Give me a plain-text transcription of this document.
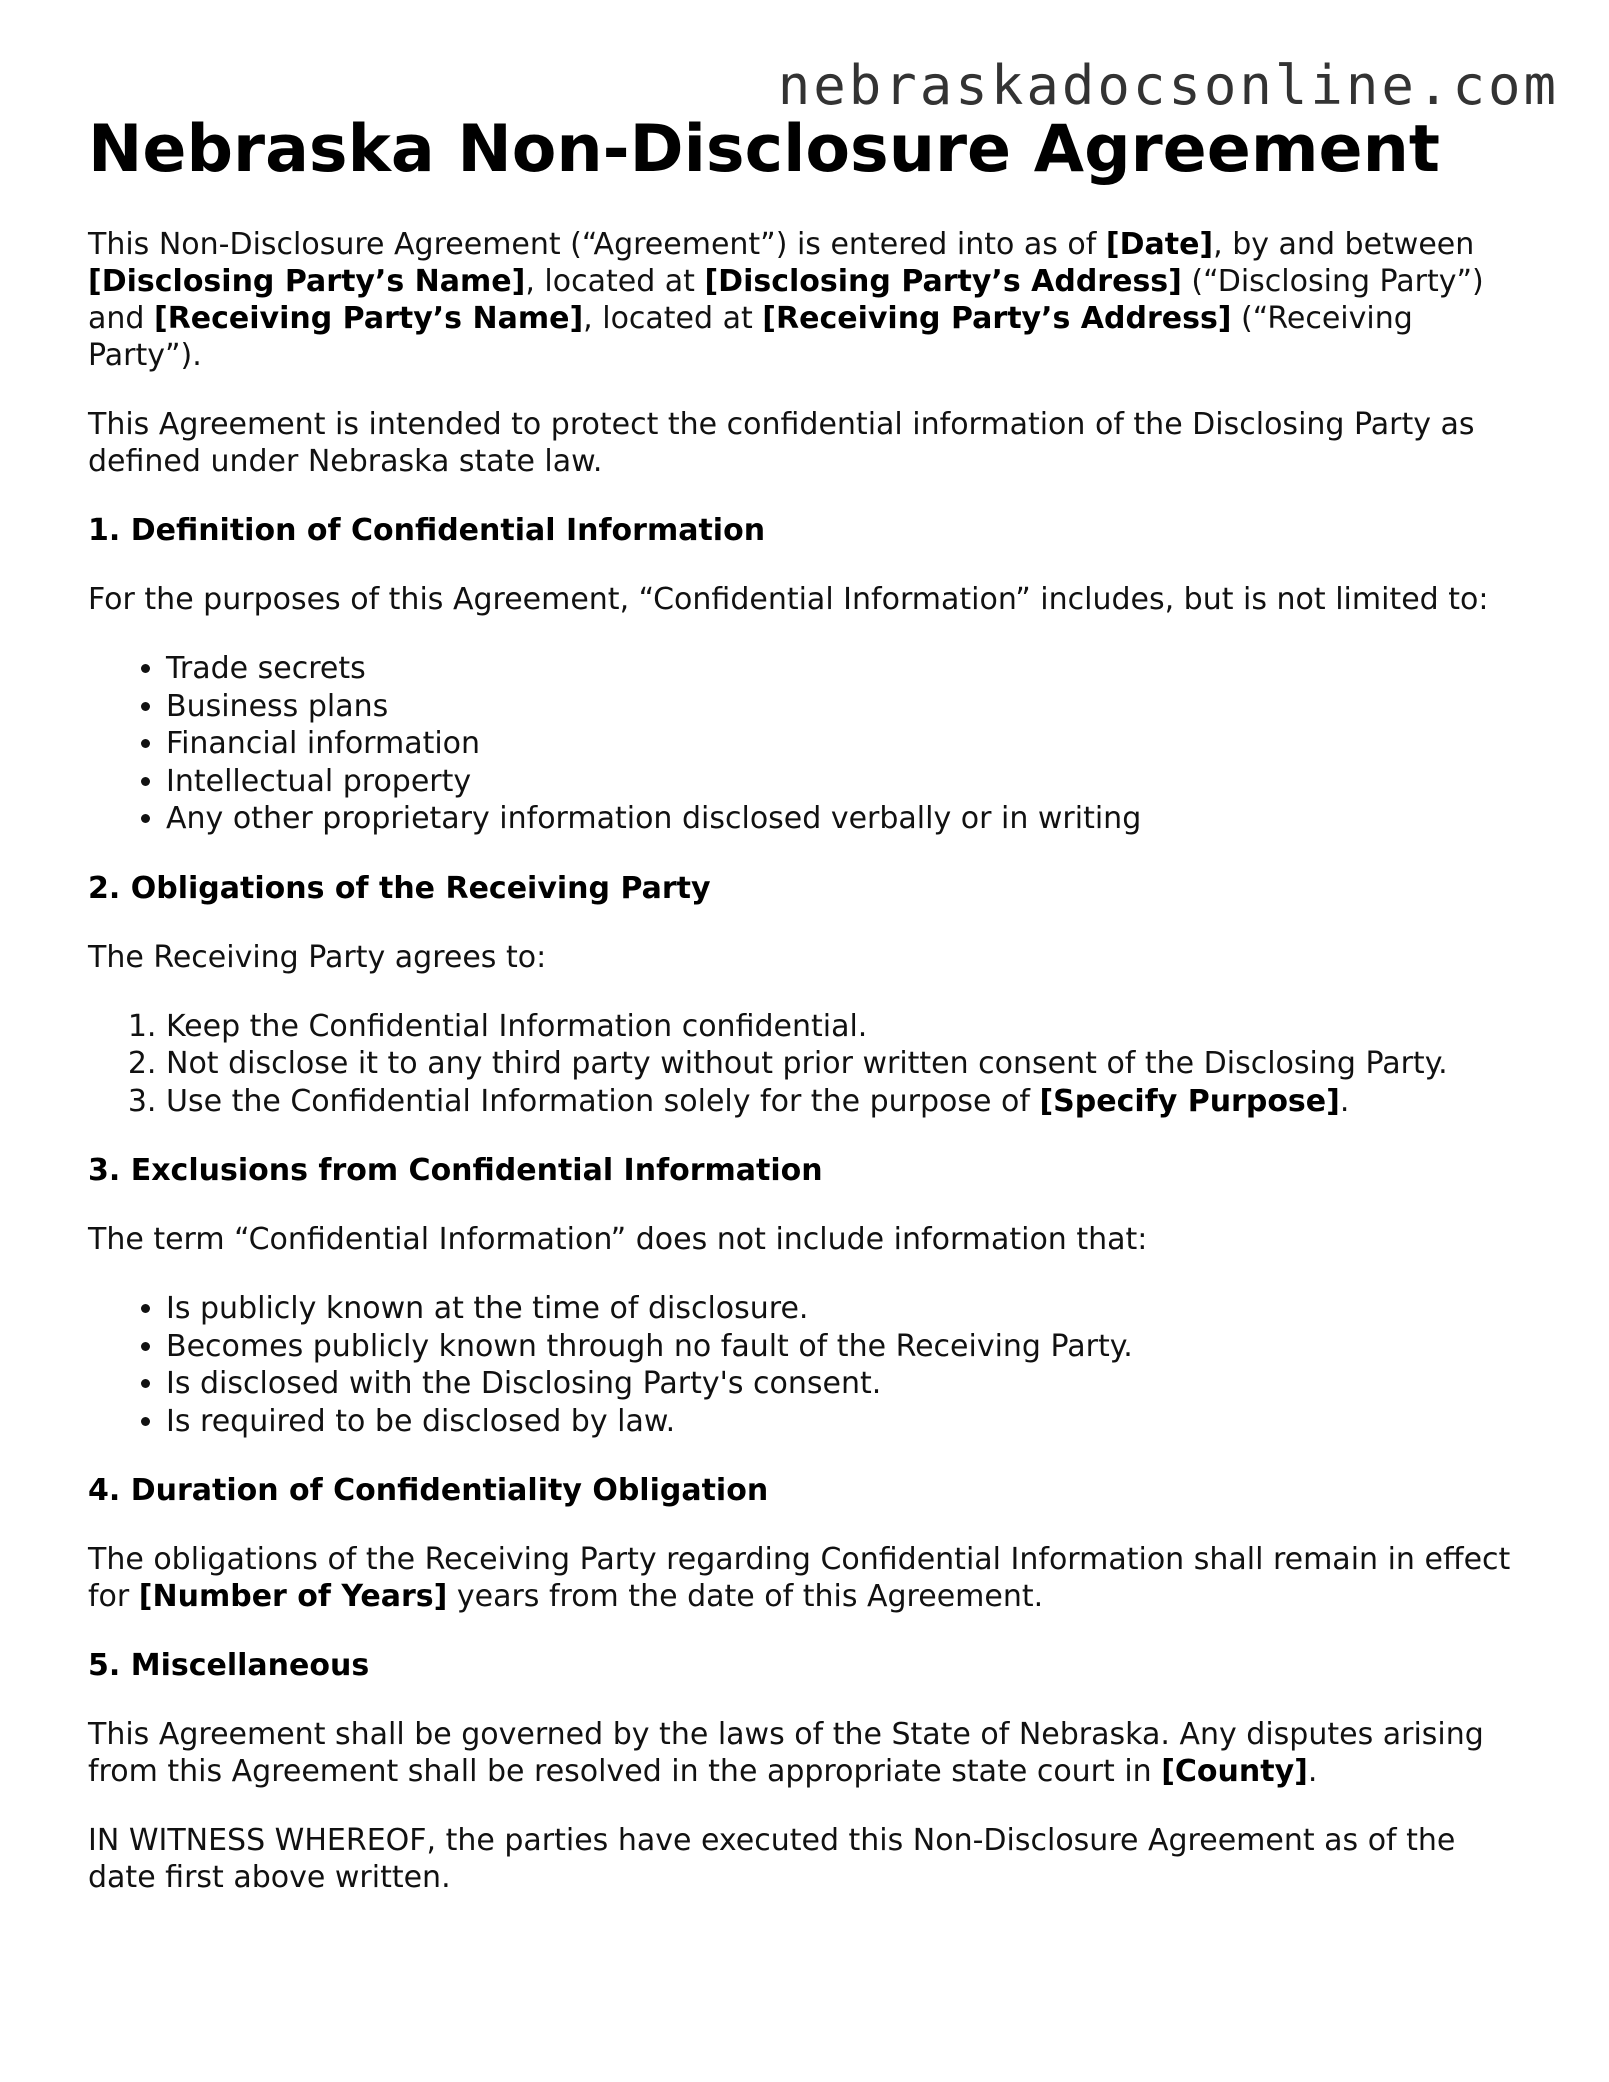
nebraskadocsonline.com
Nebraska Non-Disclosure Agreement

This Non-Disclosure Agreement (“Agreement”) is entered into as of [Date], by and between [Disclosing Party’s Name], located at [Disclosing Party’s Address] (“Disclosing Party”) and [Receiving Party’s Name], located at [Receiving Party’s Address] (“Receiving Party”).

This Agreement is intended to protect the confidential information of the Disclosing Party as defined under Nebraska state law.

1. Definition of Confidential Information

For the purposes of this Agreement, “Confidential Information” includes, but is not limited to:

• Trade secrets
• Business plans
• Financial information
• Intellectual property
• Any other proprietary information disclosed verbally or in writing
2. Obligations of the Receiving Party

The Receiving Party agrees to:

1. Keep the Confidential Information confidential.
2. Not disclose it to any third party without prior written consent of the Disclosing Party.
3. Use the Confidential Information solely for the purpose of [Specify Purpose].
3. Exclusions from Confidential Information

The term “Confidential Information” does not include information that:

• Is publicly known at the time of disclosure.
• Becomes publicly known through no fault of the Receiving Party.
• Is disclosed with the Disclosing Party's consent.
• Is required to be disclosed by law.
4. Duration of Confidentiality Obligation

The obligations of the Receiving Party regarding Confidential Information shall remain in effect for [Number of Years] years from the date of this Agreement.

5. Miscellaneous

This Agreement shall be governed by the laws of the State of Nebraska. Any disputes arising from this Agreement shall be resolved in the appropriate state court in [County].

IN WITNESS WHEREOF, the parties have executed this Non-Disclosure Agreement as of the date first above written.
